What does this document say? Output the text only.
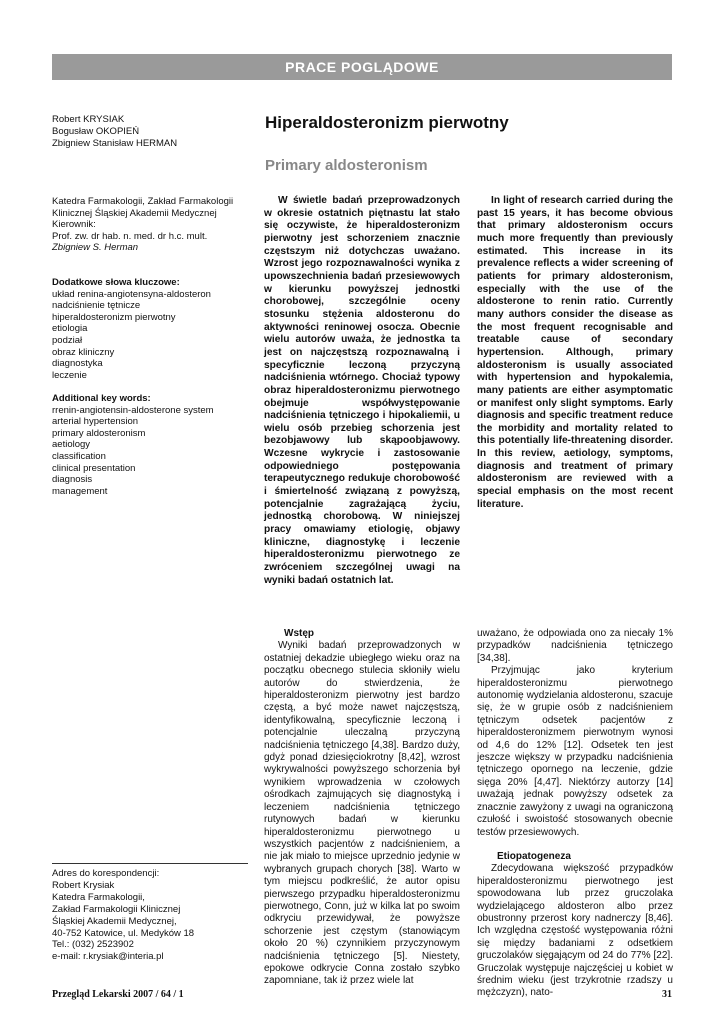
PRACE POGLĄDOWE
Robert KRYSIAK
Bogusław OKOPIEŃ
Zbigniew Stanisław HERMAN
Hiperaldosteronizm pierwotny
Primary aldosteronism
Katedra Farmakologii, Zakład Farmakologii
Klinicznej Śląskiej Akademii Medycznej
Kierownik:
Prof. zw. dr hab. n. med. dr h.c. mult.
Zbigniew S. Herman
Dodatkowe słowa kluczowe:
układ renina-angiotensyna-aldosteron
nadciśnienie tętnicze
hiperaldosteronizm pierwotny
etiologia
podział
obraz kliniczny
diagnostyka
leczenie
Additional key words:
rrenin-angiotensin-aldosterone system
arterial hypertension
primary aldosteronism
aetiology
classification
clinical presentation
diagnosis
management
W świetle badań przeprowadzonych w okresie ostatnich piętnastu lat stało się oczywiste, że hiperaldosteronizm pierwotny jest schorzeniem znacznie częstszym niż dotychczas uważano. Wzrost jego rozpoznawalności wynika z upowszechnienia badań przesiewowych w kierunku powyższej jednostki chorobowej, szczególnie oceny stosunku stężenia aldosteronu do aktywności reninowej osocza. Obecnie wielu autorów uważa, że jednostka ta jest on najczęstszą rozpoznawalną i specyficznie leczoną przyczyną nadciśnienia wtórnego. Chociaż typowy obraz hiperaldosteronizmu pierwotnego obejmuje współwystępowanie nadciśnienia tętniczego i hipokaliemii, u wielu osób przebieg schorzenia jest bezobjawowy lub skąpoobjawowy. Wczesne wykrycie i zastosowanie odpowiedniego postępowania terapeutycznego redukuje chorobowość i śmiertelność związaną z powyższą, potencjalnie zagrażającą życiu, jednostką chorobową. W niniejszej pracy omawiamy etiologię, objawy kliniczne, diagnostykę i leczenie hiperaldosteronizmu pierwotnego ze zwróceniem szczególnej uwagi na wyniki badań ostatnich lat.
In light of research carried during the past 15 years, it has become obvious that primary aldosteronism occurs much more frequently than previously estimated. This increase in its prevalence reflects a wider screening of patients for primary aldosteronism, especially with the use of the aldosterone to renin ratio. Currently many authors consider the disease as the most frequent recognisable and treatable cause of secondary hypertension. Although, primary aldosteronism is usually associated with hypertension and hypokalemia, many patients are either asymptomatic or manifest only slight symptoms. Early diagnosis and specific treatment reduce the morbidity and mortality related to this potentially life-threatening disorder. In this review, aetiology, symptoms, diagnosis and treatment of primary aldosteronism are reviewed with a special emphasis on the most recent literature.
Wstęp

Wyniki badań przeprowadzonych w ostatniej dekadzie ubiegłego wieku oraz na początku obecnego stulecia skłoniły wielu autorów do stwierdzenia, że hiperaldosteronizm pierwotny jest bardzo częstą, a być może nawet najczęstszą, identyfikowalną, specyficznie leczoną i potencjalnie uleczalną przyczyną nadciśnienia tętniczego [4,38]. Bardzo duży, gdyż ponad dziesięciokrotny [8,42], wzrost wykrywalności powyższego schorzenia był wynikiem wprowadzenia w czołowych ośrodkach zajmujących się diagnostyką i leczeniem nadciśnienia tętniczego rutynowych badań w kierunku hiperaldosteronizmu pierwotnego u wszystkich pacjentów z nadciśnieniem, a nie jak miało to miejsce uprzednio jedynie w wybranych grupach chorych [38]. Warto w tym miejscu podkreślić, że autor opisu pierwszego przypadku hiperaldosteronizmu pierwotnego, Conn, już w kilka lat po swoim odkryciu przewidywał, że powyższe schorzenie jest częstym (stanowiącym około 20 %) czynnikiem przyczynowym nadciśnienia tętniczego [5]. Niestety, epokowe odkrycie Conna zostało szybko zapomniane, tak iż przez wiele lat

uważano, że odpowiada ono za niecały 1% przypadków nadciśnienia tętniczego [34,38].

Przyjmując jako kryterium hiperaldosteronizmu pierwotnego autonomię wydzielania aldosteronu, szacuje się, że w grupie osób z nadciśnieniem tętniczym odsetek pacjentów z hiperaldosteronizmem pierwotnym wynosi od 4,6 do 12% [12]. Odsetek ten jest jeszcze większy w przypadku nadciśnienia tętniczego opornego na leczenie, gdzie sięga 20% [4,47]. Niektórzy autorzy [14] uważają jednak powyższy odsetek za znacznie zawyżony z uwagi na ograniczoną czułość i swoistość stosowanych obecnie testów przesiewowych.

Etiopatogeneza

Zdecydowana większość przypadków hiperaldosteronizmu pierwotnego jest spowodowana lub przez gruczolaka wydzielającego aldosteron albo przez obustronny przerost kory nadnerczy [8,46]. Ich względna częstość występowania różni się między badaniami z odsetkiem gruczolaków sięgającym od 24 do 77% [22]. Gruczolak występuje najczęściej u kobiet w średnim wieku (jest trzykrotnie rzadszy u mężczyzn), nato-

Adres do korespondencji:
Robert Krysiak
Katedra Farmakologii,
Zakład Farmakologii Klinicznej
Śląskiej Akademii Medycznej,
40-752 Katowice, ul. Medyków 18
Tel.: (032) 2523902
e-mail: r.krysiak@interia.pl
Przegląd Lekarski 2007 / 64 / 1	31
